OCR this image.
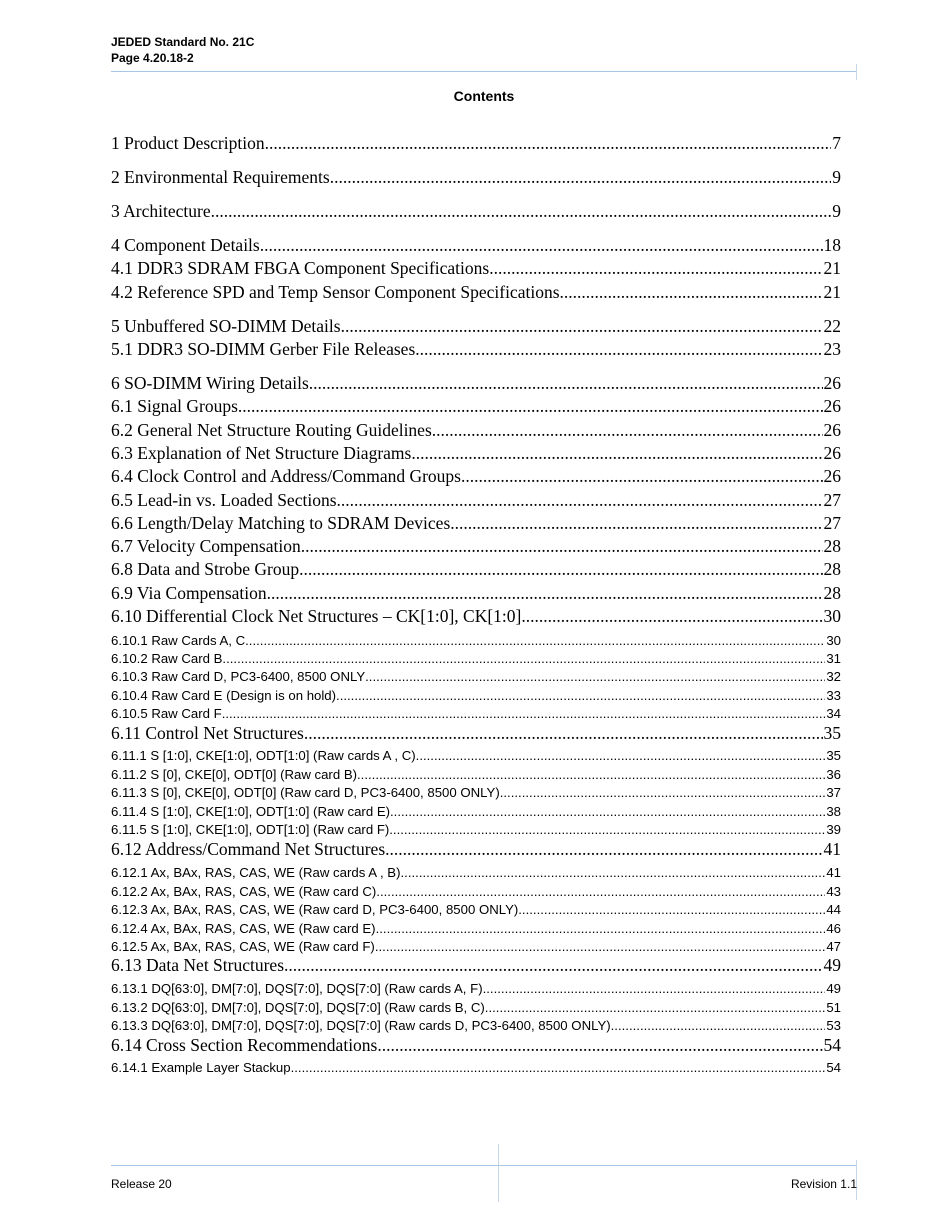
JEDED Standard No. 21C
Page 4.20.18-2
Contents
1 Product Description .....	7
2 Environmental Requirements .....	9
3 Architecture .....	9
4 Component Details .....	18
4.1 DDR3 SDRAM FBGA Component Specifications .....	21
4.2 Reference SPD and Temp Sensor Component Specifications .....	21
5 Unbuffered SO-DIMM Details .....	22
5.1 DDR3 SO-DIMM Gerber File Releases .....	23
6 SO-DIMM Wiring Details .....	26
6.1 Signal Groups .....	26
6.2 General Net Structure Routing Guidelines .....	26
6.3 Explanation of Net Structure Diagrams .....	26
6.4 Clock Control and Address/Command Groups .....	26
6.5 Lead-in vs. Loaded Sections .....	27
6.6 Length/Delay Matching to SDRAM Devices .....	27
6.7 Velocity Compensation .....	28
6.8 Data and Strobe Group .....	28
6.9 Via Compensation .....	28
6.10 Differential Clock Net Structures – CK[1:0], CK[1:0] .....	30
6.10.1 Raw Cards A, C .....	30
6.10.2 Raw Card B .....	31
6.10.3 Raw Card D, PC3-6400, 8500 ONLY .....	32
6.10.4 Raw Card E (Design is on hold) .....	33
6.10.5 Raw Card F .....	34
6.11 Control Net Structures .....	35
6.11.1 S [1:0], CKE[1:0], ODT[1:0] (Raw cards A , C) .....	35
6.11.2 S [0], CKE[0], ODT[0] (Raw card B) .....	36
6.11.3 S [0], CKE[0], ODT[0] (Raw card D, PC3-6400, 8500 ONLY) .....	37
6.11.4 S [1:0], CKE[1:0], ODT[1:0] (Raw card E) .....	38
6.11.5 S [1:0], CKE[1:0], ODT[1:0] (Raw card F) .....	39
6.12 Address/Command Net Structures .....	41
6.12.1 Ax, BAx, RAS, CAS, WE (Raw cards A , B) .....	41
6.12.2 Ax, BAx, RAS, CAS, WE (Raw card C) .....	43
6.12.3 Ax, BAx, RAS, CAS, WE (Raw card D, PC3-6400, 8500 ONLY) .....	44
6.12.4 Ax, BAx, RAS, CAS, WE (Raw card E) .....	46
6.12.5 Ax, BAx, RAS, CAS, WE (Raw card F) .....	47
6.13 Data Net Structures .....	49
6.13.1 DQ[63:0], DM[7:0], DQS[7:0], DQS[7:0] (Raw cards A, F) .....	49
6.13.2 DQ[63:0], DM[7:0], DQS[7:0], DQS[7:0] (Raw cards B, C) .....	51
6.13.3 DQ[63:0], DM[7:0], DQS[7:0], DQS[7:0] (Raw cards D, PC3-6400, 8500 ONLY) .....	53
6.14 Cross Section Recommendations .....	54
6.14.1 Example Layer Stackup .....	54
Release 20	Revision 1.1
